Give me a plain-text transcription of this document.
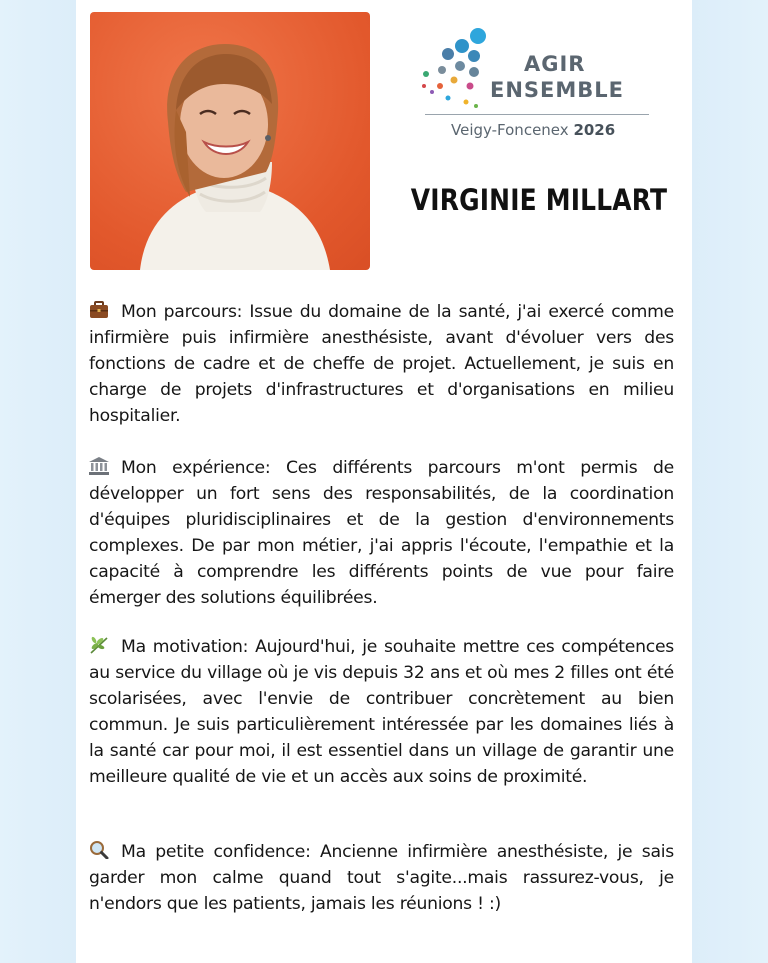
AGIR
ENSEMBLE
Veigy-Foncenex 2026
VIRGINIE MILLART

Mon parcours: Issue du domaine de la santé, j'ai exercé comme infirmière puis infirmière anesthésiste, avant d'évoluer vers des fonctions de cadre et de cheffe de projet. Actuellement, je suis en charge de projets d'infrastructures et d'organisations en milieu hospitalier.

Mon expérience: Ces différents parcours m'ont permis de développer un fort sens des responsabilités, de la coordination d'équipes pluridisciplinaires et de la gestion d'environnements complexes. De par mon métier, j'ai appris l'écoute, l'empathie et la capacité à comprendre les différents points de vue pour faire émerger des solutions équilibrées.

Ma motivation: Aujourd'hui, je souhaite mettre ces compétences au service du village où je vis depuis 32 ans et où mes 2 filles ont été scolarisées, avec l'envie de contribuer concrètement au bien commun. Je suis particulièrement intéressée par les domaines liés à la santé car pour moi, il est essentiel dans un village de garantir une meilleure qualité de vie et un accès aux soins de proximité.

Ma petite confidence: Ancienne infirmière anesthésiste, je sais garder mon calme quand tout s'agite...mais rassurez-vous, je n'endors que les patients, jamais les réunions ! :)
